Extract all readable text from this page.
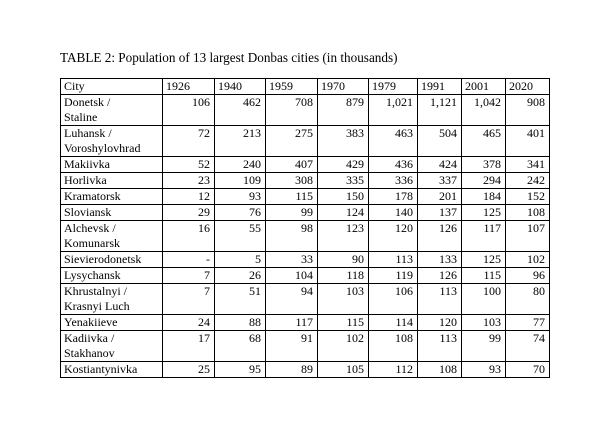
TABLE 2: Population of 13 largest Donbas cities (in thousands)
City	1926	1940	1959	1970	1979	1991	2001	2020

Donetsk /
Staline	106	462	708	879	1,021	1,121	1,042	908

Luhansk /
Voroshylovhrad	72	213	275	383	463	504	465	401

Makiivka	52	240	407	429	436	424	378	341

Horlivka	23	109	308	335	336	337	294	242

Kramatorsk	12	93	115	150	178	201	184	152

Sloviansk	29	76	99	124	140	137	125	108

Alchevsk /
Komunarsk	16	55	98	123	120	126	117	107

Sievierodonetsk	-	5	33	90	113	133	125	102

Lysychansk	7	26	104	118	119	126	115	96

Khrustalnyi /
Krasnyi Luch	7	51	94	103	106	113	100	80

Yenakiieve	24	88	117	115	114	120	103	77

Kadiivka /
Stakhanov	17	68	91	102	108	113	99	74

Kostiantynivka	25	95	89	105	112	108	93	70
